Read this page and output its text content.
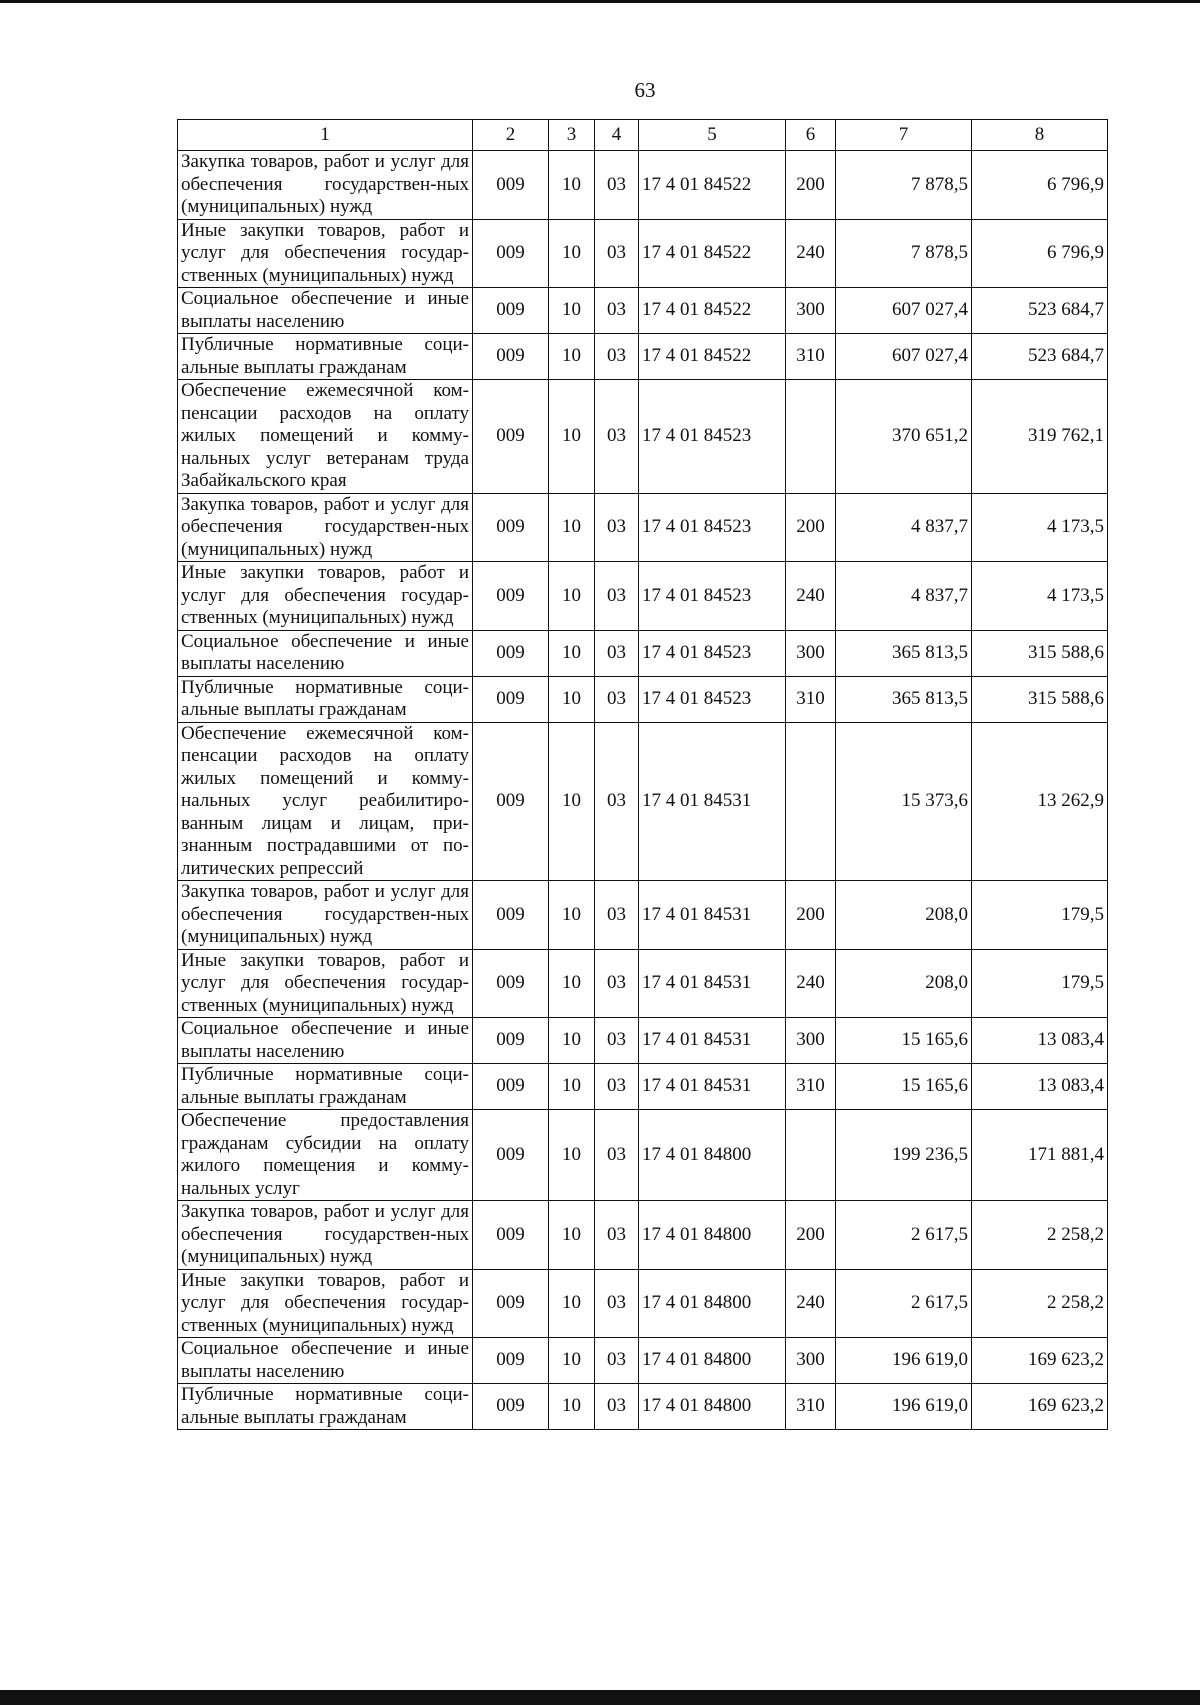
63
1	2	3	4	5	6	7	8
Закупка товаров, работ и услуг для обеспечения государствен-ных (муниципальных) нужд	009	10	03	17 4 01 84522	200	7 878,5	6 796,9
Иные закупки товаров, работ и услуг для обеспечения государ-ственных (муниципальных) нужд	009	10	03	17 4 01 84522	240	7 878,5	6 796,9
Социальное обеспечение и иные выплаты населению	009	10	03	17 4 01 84522	300	607 027,4	523 684,7
Публичные нормативные соци-альные выплаты гражданам	009	10	03	17 4 01 84522	310	607 027,4	523 684,7
Обеспечение ежемесячной ком-пенсации расходов на оплату жилых помещений и комму-нальных услуг ветеранам труда Забайкальского края	009	10	03	17 4 01 84523		370 651,2	319 762,1
Закупка товаров, работ и услуг для обеспечения государствен-ных (муниципальных) нужд	009	10	03	17 4 01 84523	200	4 837,7	4 173,5
Иные закупки товаров, работ и услуг для обеспечения государ-ственных (муниципальных) нужд	009	10	03	17 4 01 84523	240	4 837,7	4 173,5
Социальное обеспечение и иные выплаты населению	009	10	03	17 4 01 84523	300	365 813,5	315 588,6
Публичные нормативные соци-альные выплаты гражданам	009	10	03	17 4 01 84523	310	365 813,5	315 588,6
Обеспечение ежемесячной ком-пенсации расходов на оплату жилых помещений и комму-нальных услуг реабилитиро-ванным лицам и лицам, при-знанным пострадавшими от по-литических репрессий	009	10	03	17 4 01 84531		15 373,6	13 262,9
Закупка товаров, работ и услуг для обеспечения государствен-ных (муниципальных) нужд	009	10	03	17 4 01 84531	200	208,0	179,5
Иные закупки товаров, работ и услуг для обеспечения государ-ственных (муниципальных) нужд	009	10	03	17 4 01 84531	240	208,0	179,5
Социальное обеспечение и иные выплаты населению	009	10	03	17 4 01 84531	300	15 165,6	13 083,4
Публичные нормативные соци-альные выплаты гражданам	009	10	03	17 4 01 84531	310	15 165,6	13 083,4
Обеспечение предоставления гражданам субсидии на оплату жилого помещения и комму-нальных услуг	009	10	03	17 4 01 84800		199 236,5	171 881,4
Закупка товаров, работ и услуг для обеспечения государствен-ных (муниципальных) нужд	009	10	03	17 4 01 84800	200	2 617,5	2 258,2
Иные закупки товаров, работ и услуг для обеспечения государ-ственных (муниципальных) нужд	009	10	03	17 4 01 84800	240	2 617,5	2 258,2
Социальное обеспечение и иные выплаты населению	009	10	03	17 4 01 84800	300	196 619,0	169 623,2
Публичные нормативные соци-альные выплаты гражданам	009	10	03	17 4 01 84800	310	196 619,0	169 623,2
